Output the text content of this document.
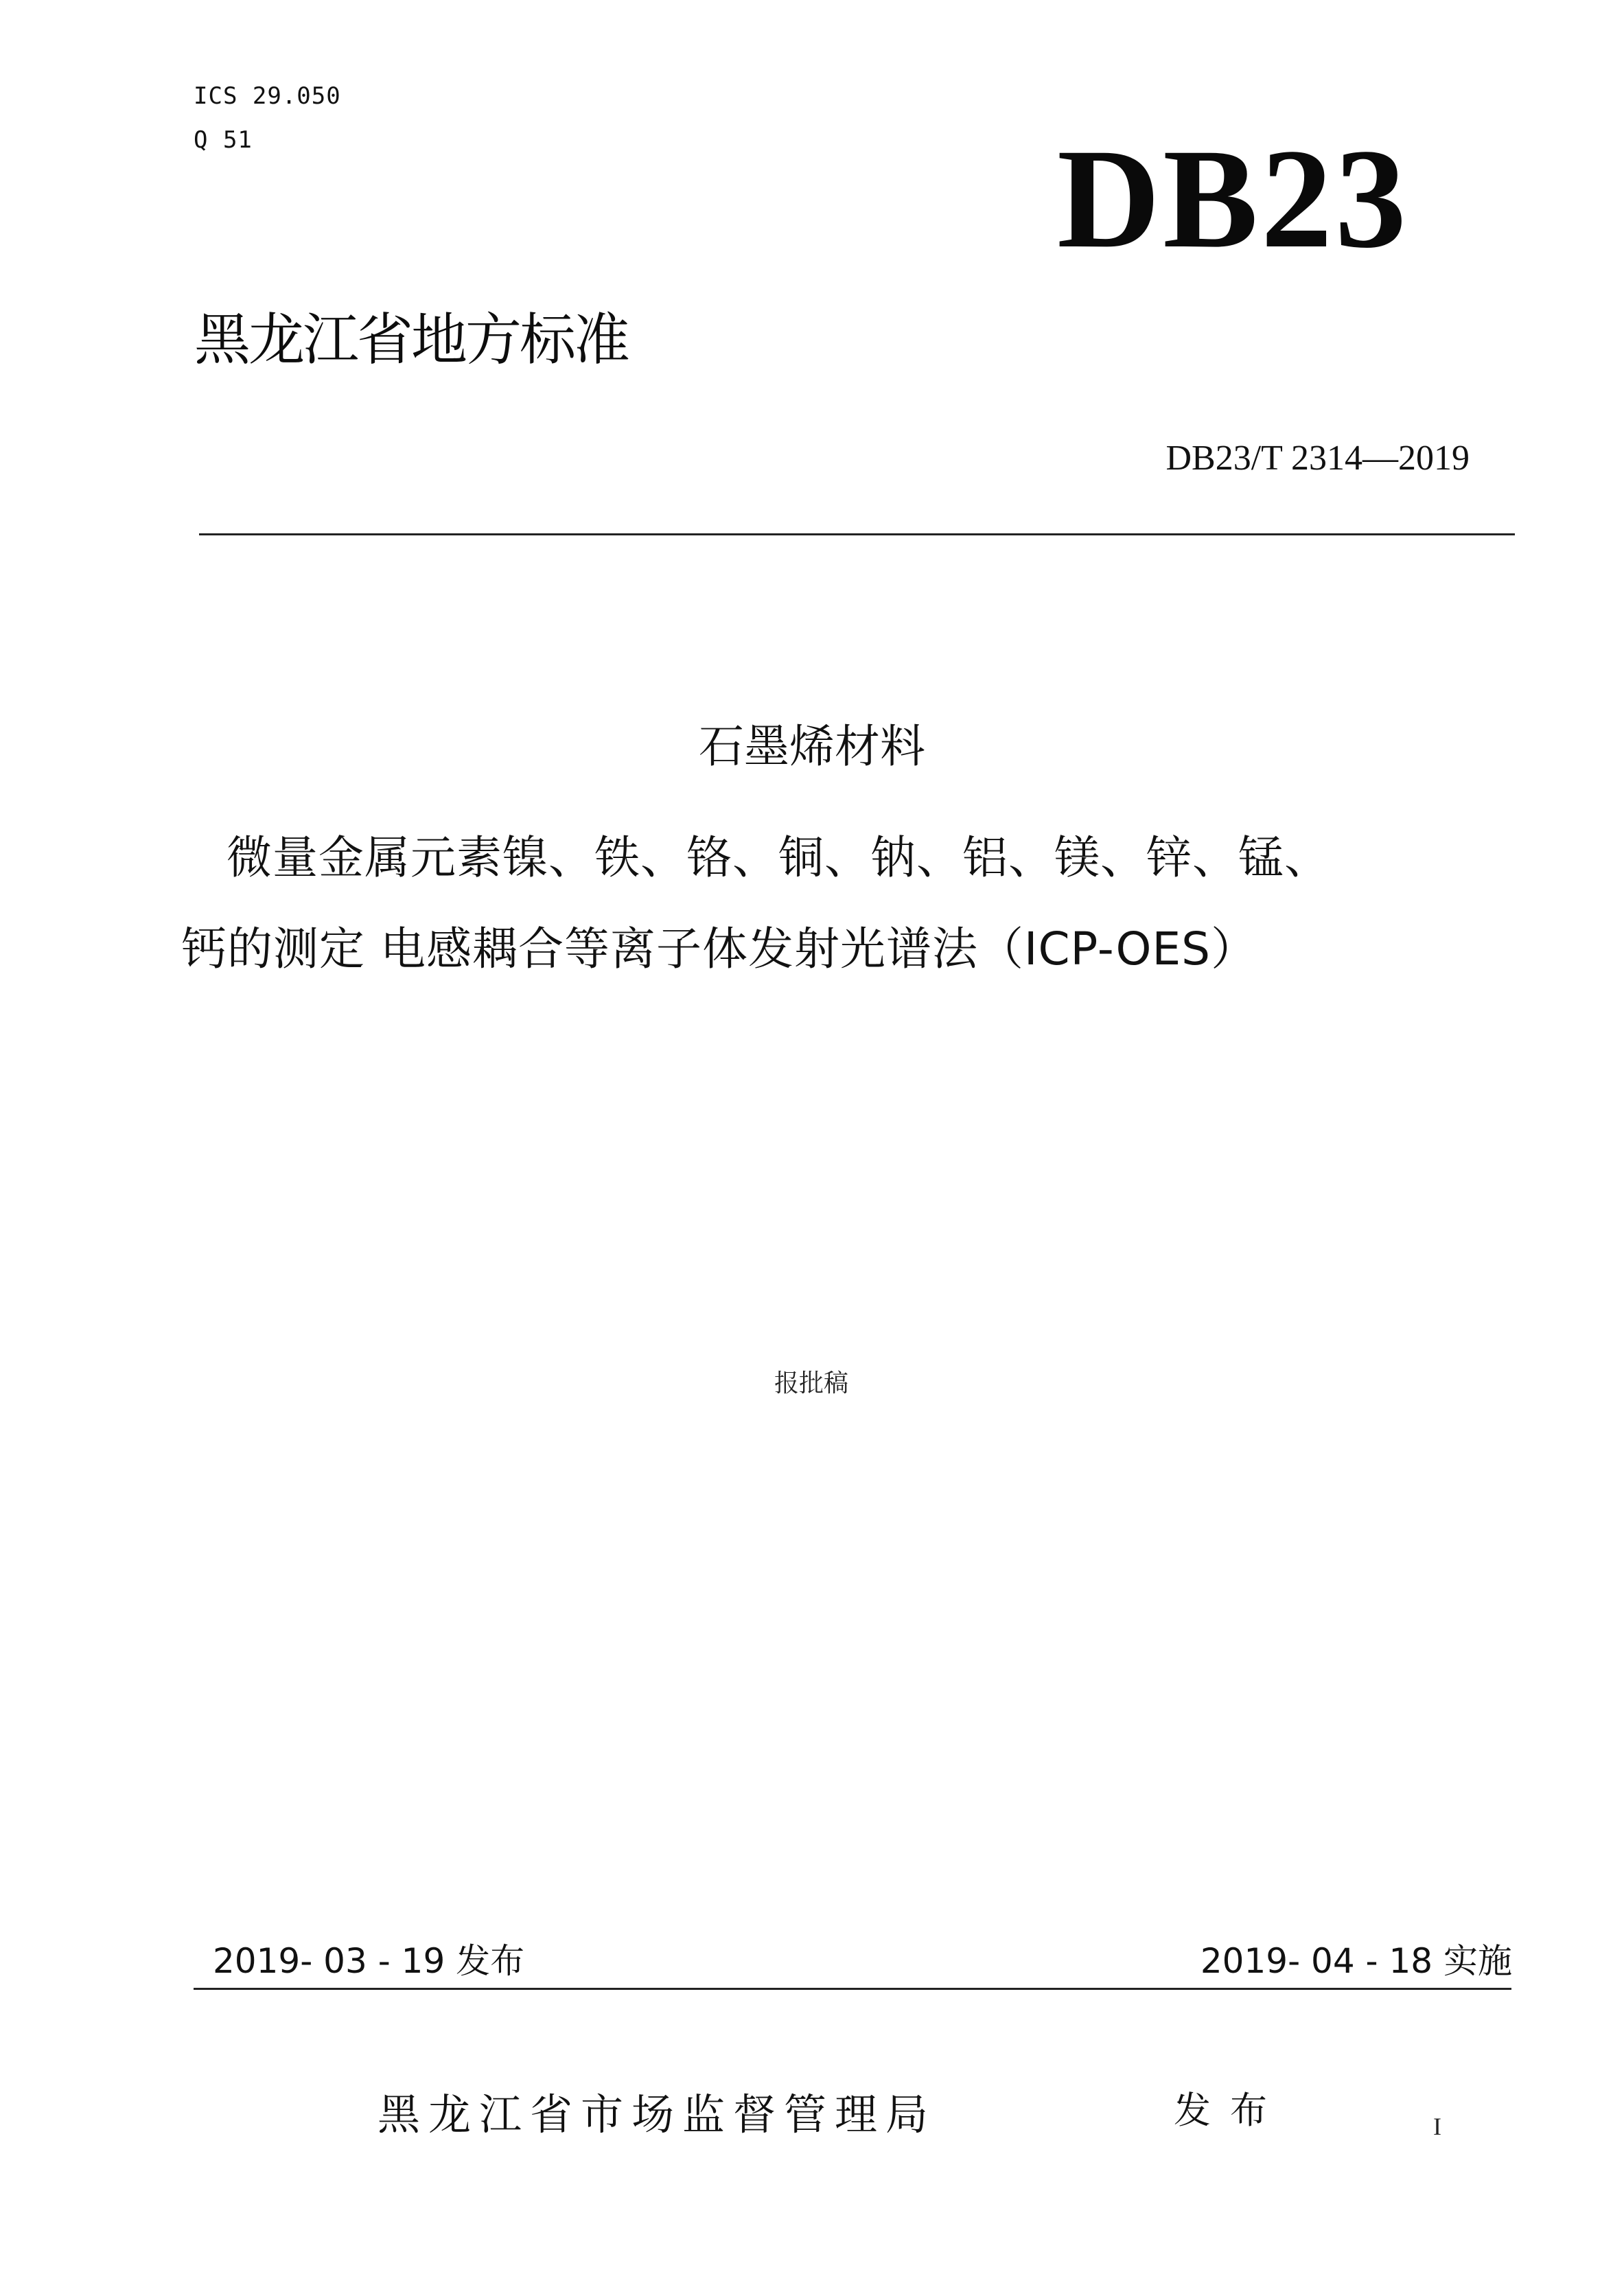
ICS 29.050
Q 51	DB23
黑龙江省地方标准
DB23/T 2314—2019
石墨烯材料
微量金属元素镍、铁、铬、铜、钠、铝、镁、锌、锰、
钙的测定 电感耦合等离子体发射光谱法（ICP-OES）
报批稿
2019- 03 - 19 发布	2019- 04 - 18 实施
黑龙江省市场监督管理局	发布	I
